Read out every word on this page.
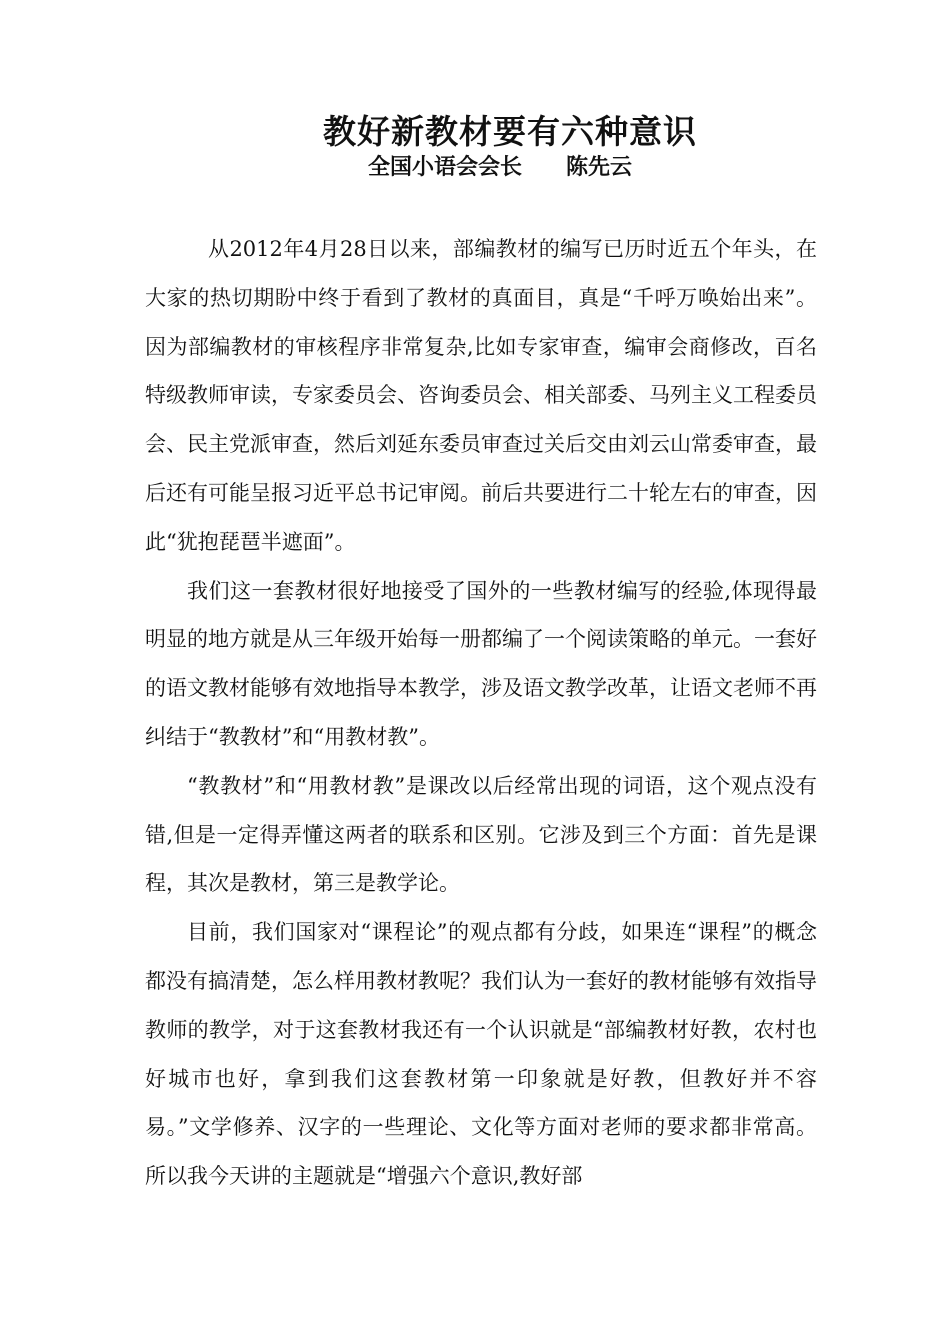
教好新教材要有六种意识
全国小语会会长 陈先云

从2012年4月28日以来，部编教材的编写已历时近五个年头，在大家的热切期盼中终于看到了教材的真面目，真是“千呼万唤始出来”。因为部编教材的审核程序非常复杂,比如专家审查，编审会商修改，百名特级教师审读，专家委员会、咨询委员会、相关部委、马列主义工程委员会、民主党派审查，然后刘延东委员审查过关后交由刘云山常委审查，最后还有可能呈报习近平总书记审阅。前后共要进行二十轮左右的审查，因此“犹抱琵琶半遮面”。

我们这一套教材很好地接受了国外的一些教材编写的经验,体现得最明显的地方就是从三年级开始每一册都编了一个阅读策略的单元。一套好的语文教材能够有效地指导本教学，涉及语文教学改革，让语文老师不再纠结于“教教材”和“用教材教”。

“教教材”和“用教材教”是课改以后经常出现的词语，这个观点没有错,但是一定得弄懂这两者的联系和区别。它涉及到三个方面：首先是课程，其次是教材，第三是教学论。

目前，我们国家对“课程论”的观点都有分歧，如果连“课程”的概念都没有搞清楚，怎么样用教材教呢？我们认为一套好的教材能够有效指导教师的教学，对于这套教材我还有一个认识就是“部编教材好教，农村也好城市也好，拿到我们这套教材第一印象就是好教，但教好并不容易。”文学修养、汉字的一些理论、文化等方面对老师的要求都非常高。所以我今天讲的主题就是“增强六个意识,教好部
